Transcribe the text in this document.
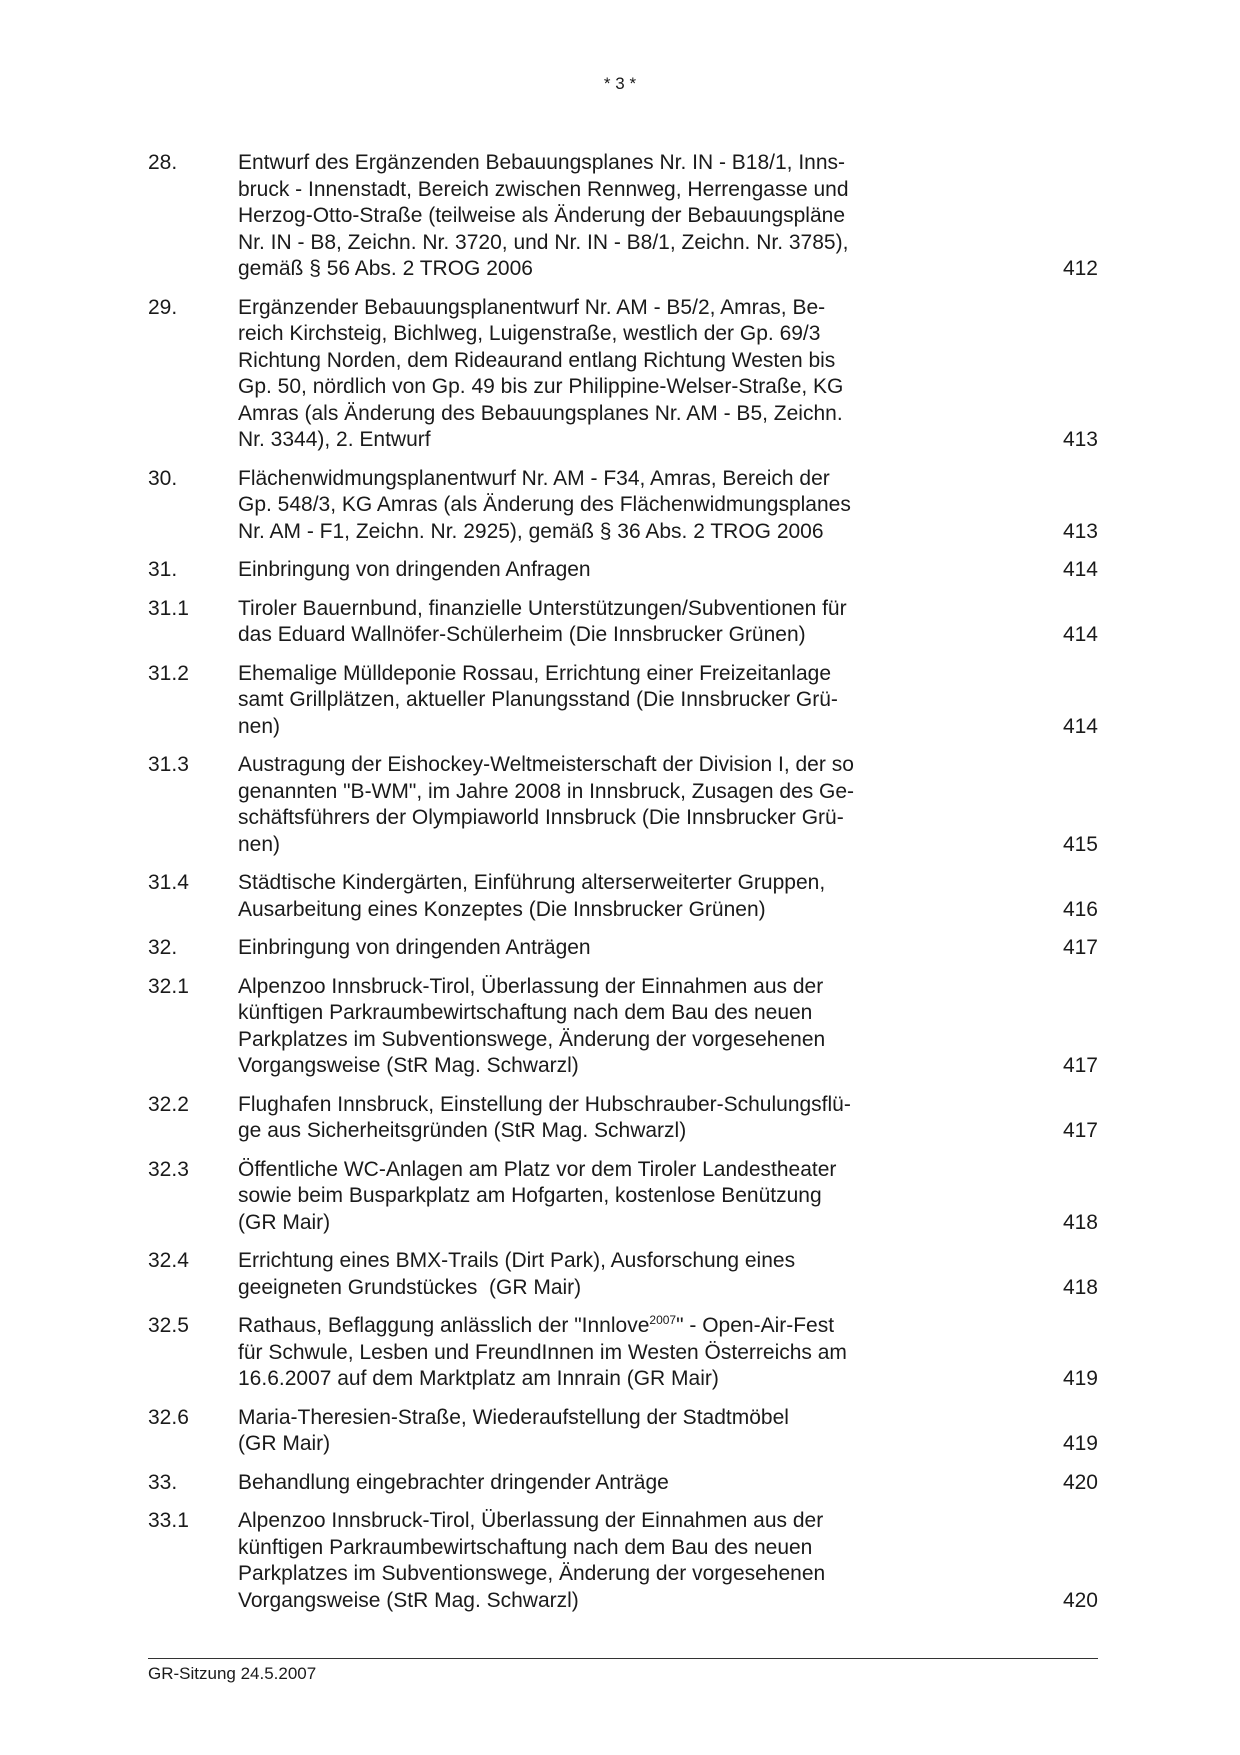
* 3 *
28.	Entwurf des Ergänzenden Bebauungsplanes Nr. IN - B18/1, Inns-
bruck - Innenstadt, Bereich zwischen Rennweg, Herrengasse und
Herzog-Otto-Straße (teilweise als Änderung der Bebauungspläne
Nr. IN - B8, Zeichn. Nr. 3720, und Nr. IN - B8/1, Zeichn. Nr. 3785),
gemäß § 56 Abs. 2 TROG 2006	412
29.	Ergänzender Bebauungsplanentwurf Nr. AM - B5/2, Amras, Be-
reich Kirchsteig, Bichlweg, Luigenstraße, westlich der Gp. 69/3
Richtung Norden, dem Rideaurand entlang Richtung Westen bis
Gp. 50, nördlich von Gp. 49 bis zur Philippine-Welser-Straße, KG
Amras (als Änderung des Bebauungsplanes Nr. AM - B5, Zeichn.
Nr. 3344), 2. Entwurf	413
30.	Flächenwidmungsplanentwurf Nr. AM - F34, Amras, Bereich der
Gp. 548/3, KG Amras (als Änderung des Flächenwidmungsplanes
Nr. AM - F1, Zeichn. Nr. 2925), gemäß § 36 Abs. 2 TROG 2006	413
31.	Einbringung von dringenden Anfragen	414
31.1	Tiroler Bauernbund, finanzielle Unterstützungen/Subventionen für
das Eduard Wallnöfer-Schülerheim (Die Innsbrucker Grünen)	414
31.2	Ehemalige Mülldeponie Rossau, Errichtung einer Freizeitanlage
samt Grillplätzen, aktueller Planungsstand (Die Innsbrucker Grü-
nen)	414
31.3	Austragung der Eishockey-Weltmeisterschaft der Division I, der so
genannten "B-WM", im Jahre 2008 in Innsbruck, Zusagen des Ge-
schäftsführers der Olympiaworld Innsbruck (Die Innsbrucker Grü-
nen)	415
31.4	Städtische Kindergärten, Einführung alterserweiterter Gruppen,
Ausarbeitung eines Konzeptes (Die Innsbrucker Grünen)	416
32.	Einbringung von dringenden Anträgen	417
32.1	Alpenzoo Innsbruck-Tirol, Überlassung der Einnahmen aus der
künftigen Parkraumbewirtschaftung nach dem Bau des neuen
Parkplatzes im Subventionswege, Änderung der vorgesehenen
Vorgangsweise (StR Mag. Schwarzl)	417
32.2	Flughafen Innsbruck, Einstellung der Hubschrauber-Schulungsflü-
ge aus Sicherheitsgründen (StR Mag. Schwarzl)	417
32.3	Öffentliche WC-Anlagen am Platz vor dem Tiroler Landestheater
sowie beim Busparkplatz am Hofgarten, kostenlose Benützung
(GR Mair)	418
32.4	Errichtung eines BMX-Trails (Dirt Park), Ausforschung eines
geeigneten Grundstückes  (GR Mair)	418
32.5	Rathaus, Beflaggung anlässlich der "Innlove$^{2007}$" - Open-Air-Fest
für Schwule, Lesben und FreundInnen im Westen Österreichs am
16.6.2007 auf dem Marktplatz am Innrain (GR Mair)	419
32.6	Maria-Theresien-Straße, Wiederaufstellung der Stadtmöbel
(GR Mair)	419
33.	Behandlung eingebrachter dringender Anträge	420
33.1	Alpenzoo Innsbruck-Tirol, Überlassung der Einnahmen aus der
künftigen Parkraumbewirtschaftung nach dem Bau des neuen
Parkplatzes im Subventionswege, Änderung der vorgesehenen
Vorgangsweise (StR Mag. Schwarzl)	420
GR-Sitzung 24.5.2007
